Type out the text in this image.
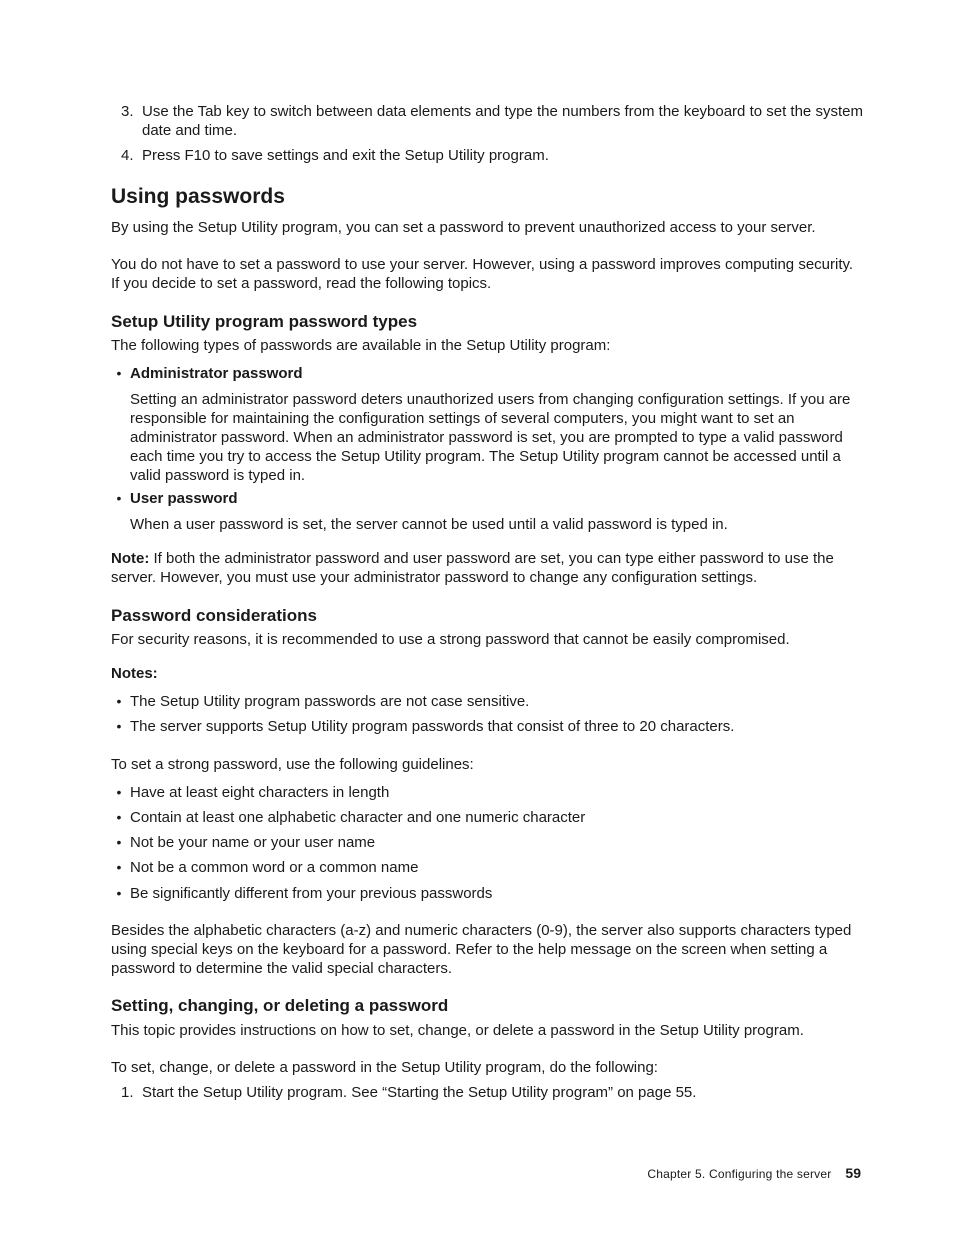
3. Use the Tab key to switch between data elements and type the numbers from the keyboard to set the system date and time.

4. Press F10 to save settings and exit the Setup Utility program.

Using passwords

By using the Setup Utility program, you can set a password to prevent unauthorized access to your server.

You do not have to set a password to use your server. However, using a password improves computing security. If you decide to set a password, read the following topics.

Setup Utility program password types

The following types of passwords are available in the Setup Utility program:

• Administrator password

Setting an administrator password deters unauthorized users from changing configuration settings. If you are responsible for maintaining the configuration settings of several computers, you might want to set an administrator password. When an administrator password is set, you are prompted to type a valid password each time you try to access the Setup Utility program. The Setup Utility program cannot be accessed until a valid password is typed in.

• User password

When a user password is set, the server cannot be used until a valid password is typed in.

Note: If both the administrator password and user password are set, you can type either password to use the server. However, you must use your administrator password to change any configuration settings.

Password considerations

For security reasons, it is recommended to use a strong password that cannot be easily compromised.

Notes:

• The Setup Utility program passwords are not case sensitive.

• The server supports Setup Utility program passwords that consist of three to 20 characters.

To set a strong password, use the following guidelines:

• Have at least eight characters in length

• Contain at least one alphabetic character and one numeric character

• Not be your name or your user name

• Not be a common word or a common name

• Be significantly different from your previous passwords

Besides the alphabetic characters (a-z) and numeric characters (0-9), the server also supports characters typed using special keys on the keyboard for a password. Refer to the help message on the screen when setting a password to determine the valid special characters.

Setting, changing, or deleting a password

This topic provides instructions on how to set, change, or delete a password in the Setup Utility program.

To set, change, or delete a password in the Setup Utility program, do the following:

1. Start the Setup Utility program. See “Starting the Setup Utility program” on page 55.

Chapter 5. Configuring the server 59
